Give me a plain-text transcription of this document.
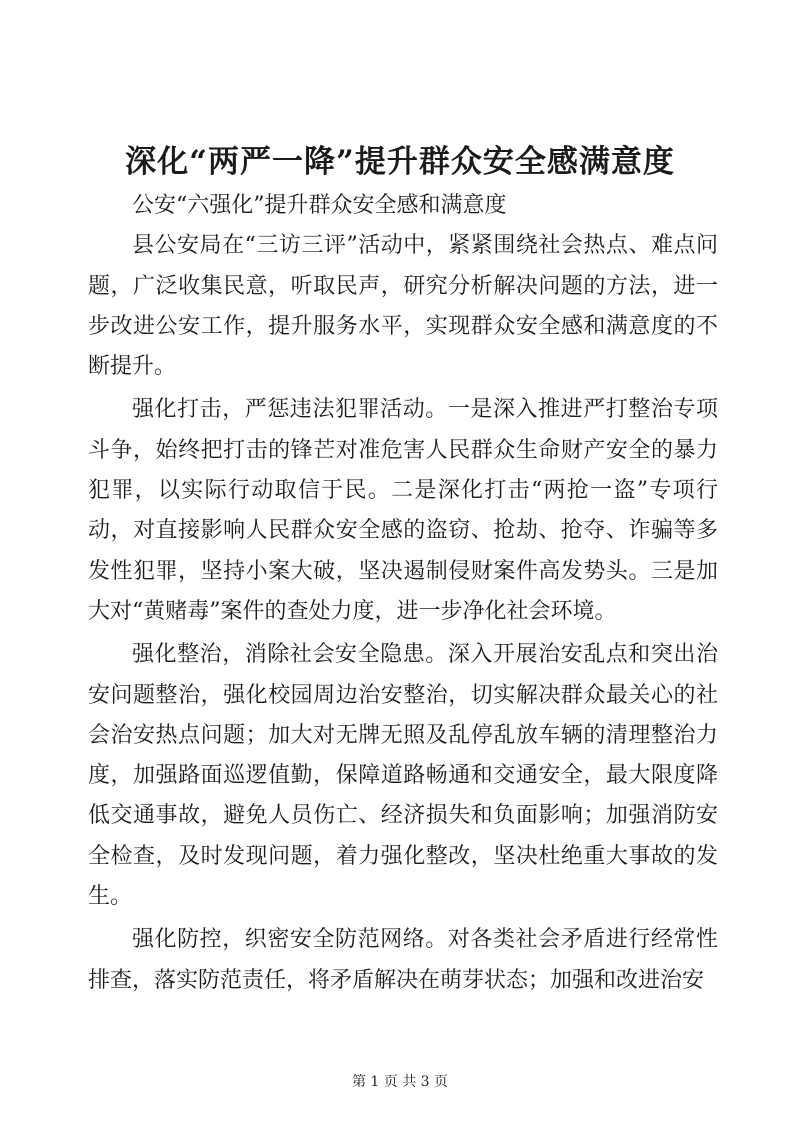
深化“两严一降”提升群众安全感满意度

公安“六强化”提升群众安全感和满意度

县公安局在“三访三评”活动中，紧紧围绕社会热点、难点问题，广泛收集民意，听取民声，研究分析解决问题的方法，进一步改进公安工作，提升服务水平，实现群众安全感和满意度的不断提升。

强化打击，严惩违法犯罪活动。一是深入推进严打整治专项斗争，始终把打击的锋芒对准危害人民群众生命财产安全的暴力犯罪，以实际行动取信于民。二是深化打击“两抢一盗”专项行动，对直接影响人民群众安全感的盗窃、抢劫、抢夺、诈骗等多发性犯罪，坚持小案大破，坚决遏制侵财案件高发势头。三是加大对“黄赌毒”案件的查处力度，进一步净化社会环境。

强化整治，消除社会安全隐患。深入开展治安乱点和突出治安问题整治，强化校园周边治安整治，切实解决群众最关心的社会治安热点问题；加大对无牌无照及乱停乱放车辆的清理整治力度，加强路面巡逻值勤，保障道路畅通和交通安全，最大限度降低交通事故，避免人员伤亡、经济损失和负面影响；加强消防安全检查，及时发现问题，着力强化整改，坚决杜绝重大事故的发生。

强化防控，织密安全防范网络。对各类社会矛盾进行经常性排查，落实防范责任，将矛盾解决在萌芽状态；加强和改进治安

第 1 页 共 3 页
